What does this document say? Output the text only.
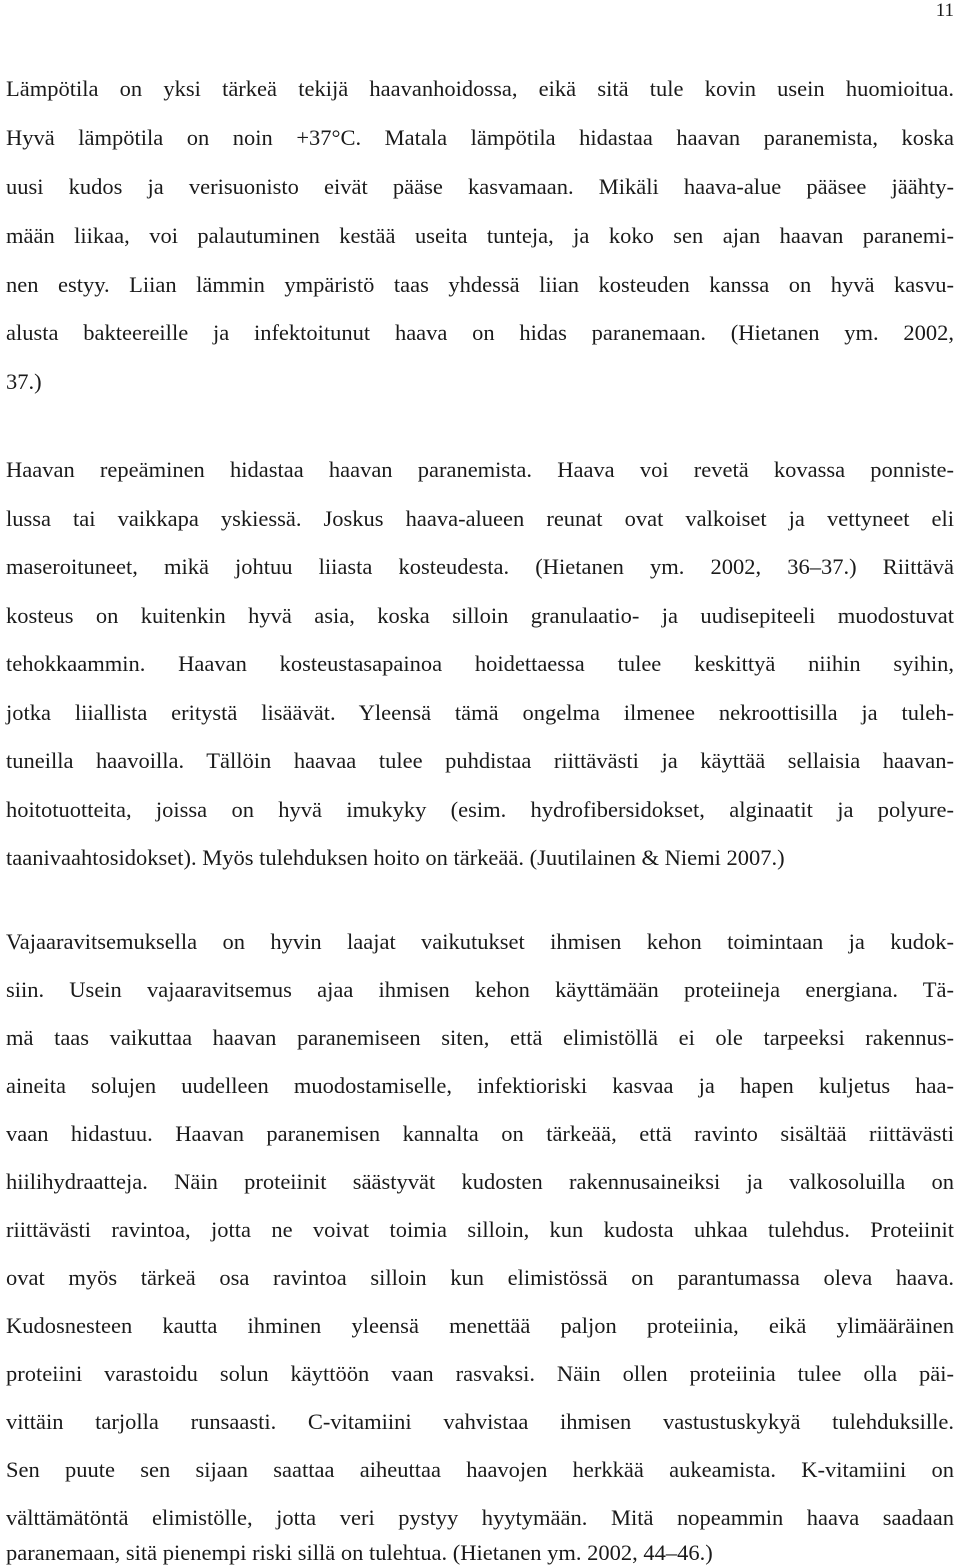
11
Lämpötila on yksi tärkeä tekijä haavanhoidossa, eikä sitä tule kovin usein huomioitua.
Hyvä lämpötila on noin +37°C. Matala lämpötila hidastaa haavan paranemista, koska
uusi kudos ja verisuonisto eivät pääse kasvamaan. Mikäli haava-alue pääsee jäähty-
mään liikaa, voi palautuminen kestää useita tunteja, ja koko sen ajan haavan paranemi-
nen estyy. Liian lämmin ympäristö taas yhdessä liian kosteuden kanssa on hyvä kasvu-
alusta bakteereille ja infektoitunut haava on hidas paranemaan. (Hietanen ym. 2002,
37.)
Haavan repeäminen hidastaa haavan paranemista. Haava voi revetä kovassa ponniste-
lussa tai vaikkapa yskiessä. Joskus haava-alueen reunat ovat valkoiset ja vettyneet eli
maseroituneet, mikä johtuu liiasta kosteudesta. (Hietanen ym. 2002, 36–37.) Riittävä
kosteus on kuitenkin hyvä asia, koska silloin granulaatio- ja uudisepiteeli muodostuvat
tehokkaammin. Haavan kosteustasapainoa hoidettaessa tulee keskittyä niihin syihin,
jotka liiallista eritystä lisäävät. Yleensä tämä ongelma ilmenee nekroottisilla ja tuleh-
tuneilla haavoilla. Tällöin haavaa tulee puhdistaa riittävästi ja käyttää sellaisia haavan-
hoitotuotteita, joissa on hyvä imukyky (esim. hydrofibersidokset, alginaatit ja polyure-
taanivaahtosidokset). Myös tulehduksen hoito on tärkeää. (Juutilainen & Niemi 2007.)
Vajaaravitsemuksella on hyvin laajat vaikutukset ihmisen kehon toimintaan ja kudok-
siin. Usein vajaaravitsemus ajaa ihmisen kehon käyttämään proteiineja energiana. Tä-
mä taas vaikuttaa haavan paranemiseen siten, että elimistöllä ei ole tarpeeksi rakennus-
aineita solujen uudelleen muodostamiselle, infektioriski kasvaa ja hapen kuljetus haa-
vaan hidastuu. Haavan paranemisen kannalta on tärkeää, että ravinto sisältää riittävästi
hiilihydraatteja. Näin proteiinit säästyvät kudosten rakennusaineiksi ja valkosoluilla on
riittävästi ravintoa, jotta ne voivat toimia silloin, kun kudosta uhkaa tulehdus. Proteiinit
ovat myös tärkeä osa ravintoa silloin kun elimistössä on parantumassa oleva haava.
Kudosnesteen kautta ihminen yleensä menettää paljon proteiinia, eikä ylimääräinen
proteiini varastoidu solun käyttöön vaan rasvaksi. Näin ollen proteiinia tulee olla päi-
vittäin tarjolla runsaasti. C-vitamiini vahvistaa ihmisen vastustuskykyä tulehduksille.
Sen puute sen sijaan saattaa aiheuttaa haavojen herkkää aukeamista. K-vitamiini on
välttämätöntä elimistölle, jotta veri pystyy hyytymään. Mitä nopeammin haava saadaan
paranemaan, sitä pienempi riski sillä on tulehtua. (Hietanen ym. 2002, 44–46.)
